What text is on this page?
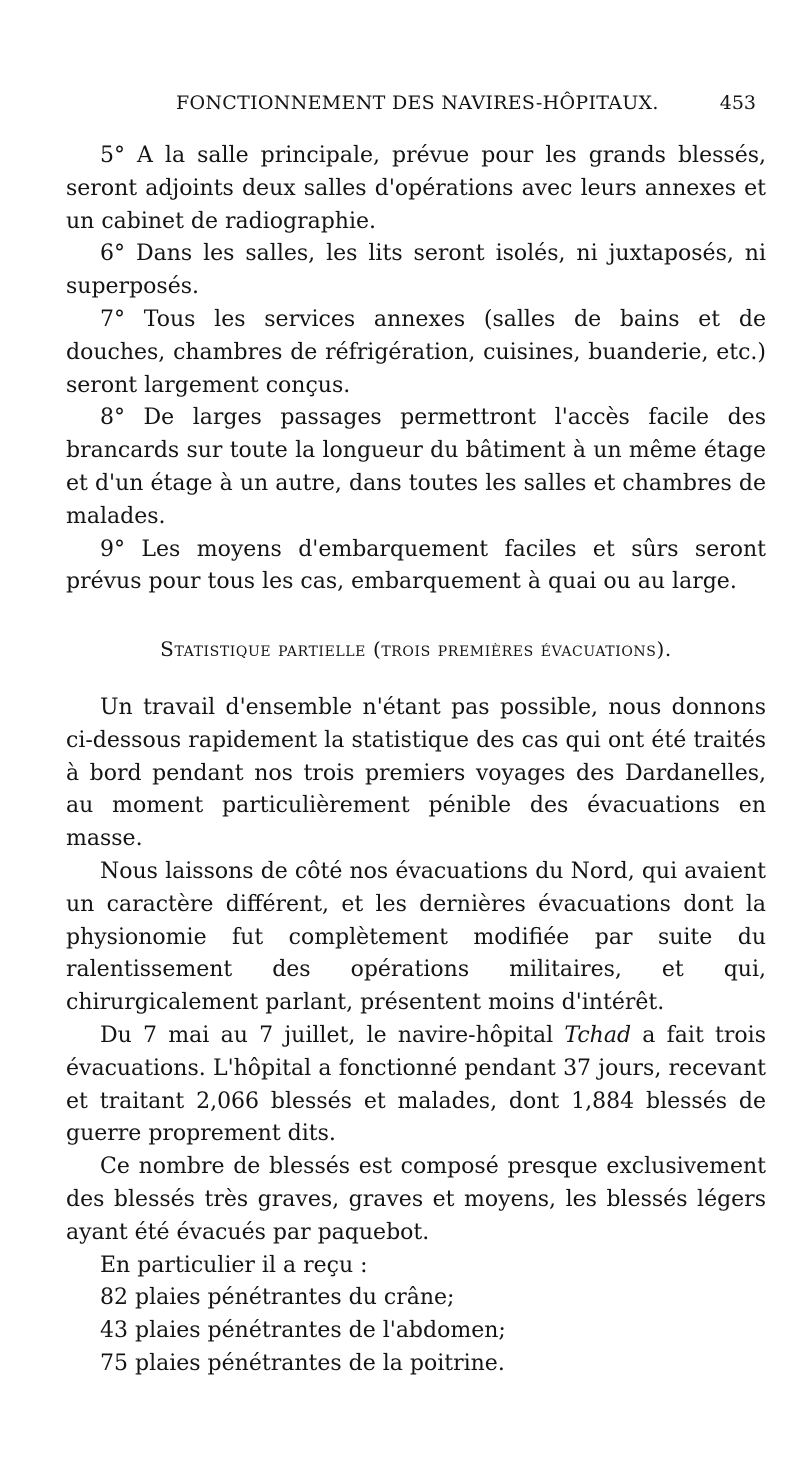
FONCTIONNEMENT DES NAVIRES-HÔPITAUX.	453

5° A la salle principale, prévue pour les grands blessés, seront adjoints deux salles d'opérations avec leurs annexes et un cabinet de radiographie.

6° Dans les salles, les lits seront isolés, ni juxtaposés, ni superposés.

7° Tous les services annexes (salles de bains et de douches, chambres de réfrigération, cuisines, buanderie, etc.) seront largement conçus.

8° De larges passages permettront l'accès facile des brancards sur toute la longueur du bâtiment à un même étage et d'un étage à un autre, dans toutes les salles et chambres de malades.

9° Les moyens d'embarquement faciles et sûrs seront prévus pour tous les cas, embarquement à quai ou au large.

Statistique partielle (trois premières évacuations).

Un travail d'ensemble n'étant pas possible, nous donnons ci-dessous rapidement la statistique des cas qui ont été traités à bord pendant nos trois premiers voyages des Dardanelles, au moment particulièrement pénible des évacuations en masse.

Nous laissons de côté nos évacuations du Nord, qui avaient un caractère différent, et les dernières évacuations dont la physionomie fut complètement modifiée par suite du ralentissement des opérations militaires, et qui, chirurgicalement parlant, présentent moins d'intérêt.

Du 7 mai au 7 juillet, le navire-hôpital Tchad a fait trois évacuations. L'hôpital a fonctionné pendant 37 jours, recevant et traitant 2,066 blessés et malades, dont 1,884 blessés de guerre proprement dits.

Ce nombre de blessés est composé presque exclusivement des blessés très graves, graves et moyens, les blessés légers ayant été évacués par paquebot.

En particulier il a reçu :

82 plaies pénétrantes du crâne;

43 plaies pénétrantes de l'abdomen;

75 plaies pénétrantes de la poitrine.
